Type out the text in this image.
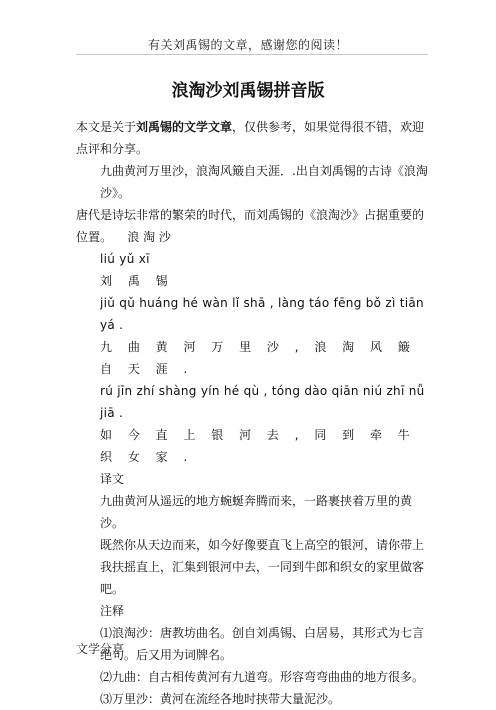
有关刘禹锡的文章，感谢您的阅读！
浪淘沙刘禹锡拼音版

本文是关于刘禹锡的文学文章，仅供参考，如果觉得很不错，欢迎点评和分享。

九曲黄河万里沙，浪淘风簸自天涯．.出自刘禹锡的古诗《浪淘沙》。

唐代是诗坛非常的繁荣的时代，而刘禹锡的《浪淘沙》占据重要的位置。 浪 淘 沙

liú yǔ xī

刘 禹 锡

jiǔ qǔ huáng hé wàn lǐ shā , làng táo fēng bǒ zì tiān yá .

九 曲 黄 河 万 里 沙 , 浪 淘 风 簸 自 天 涯 .

rú jīn zhí shàng yín hé qù , tóng dào qiān niú zhī nǚ jiā .

如 今 直 上 银 河 去 , 同 到 牵 牛 织 女 家 .

译文

九曲黄河从遥远的地方蜿蜒奔腾而来，一路裹挟着万里的黄沙。

既然你从天边而来，如今好像要直飞上高空的银河，请你带上我扶摇直上，汇集到银河中去，一同到牛郎和织女的家里做客吧。

注释

⑴浪淘沙：唐教坊曲名。创自刘禹锡、白居易，其形式为七言绝句。后又用为词牌名。

⑵九曲：自古相传黄河有九道弯。形容弯弯曲曲的地方很多。

⑶万里沙：黄河在流经各地时挟带大量泥沙。

文学分享
